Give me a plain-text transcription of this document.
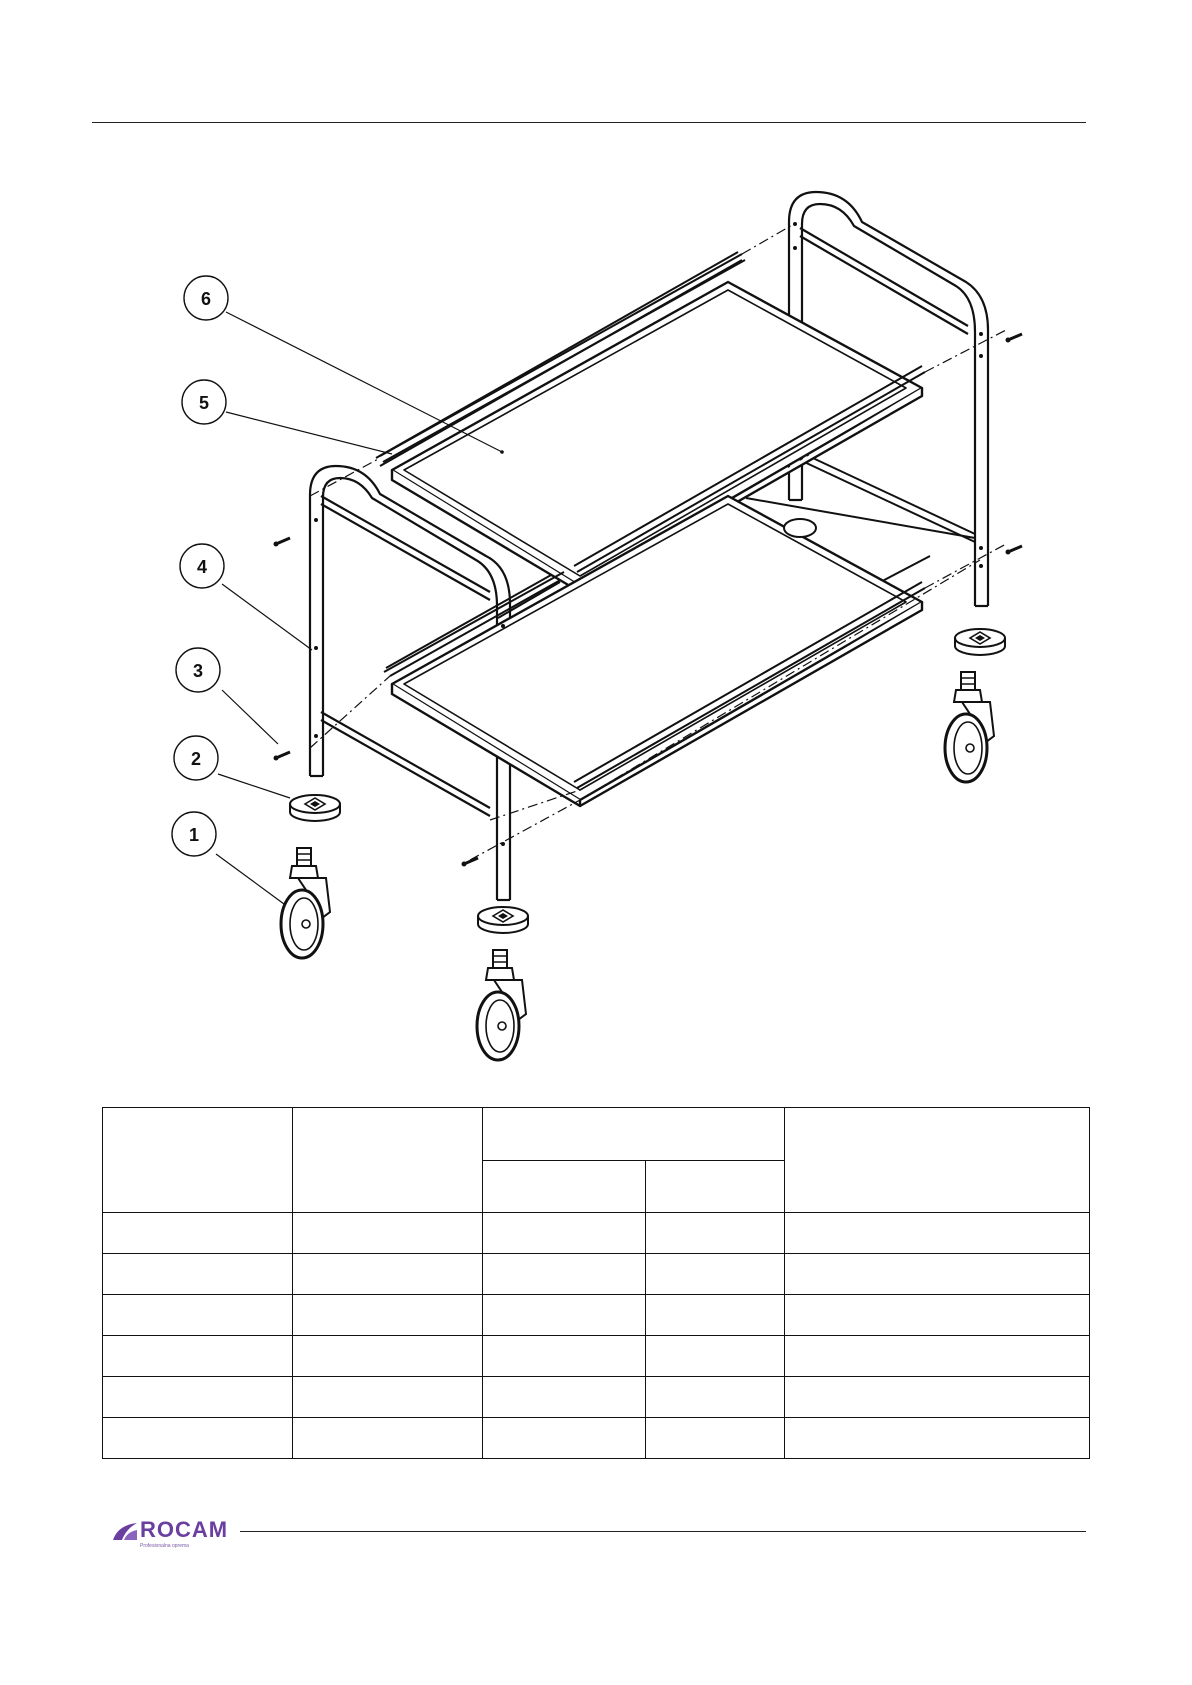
6
5
4
3
2
1

ROCAM
Profesionalna oprema
